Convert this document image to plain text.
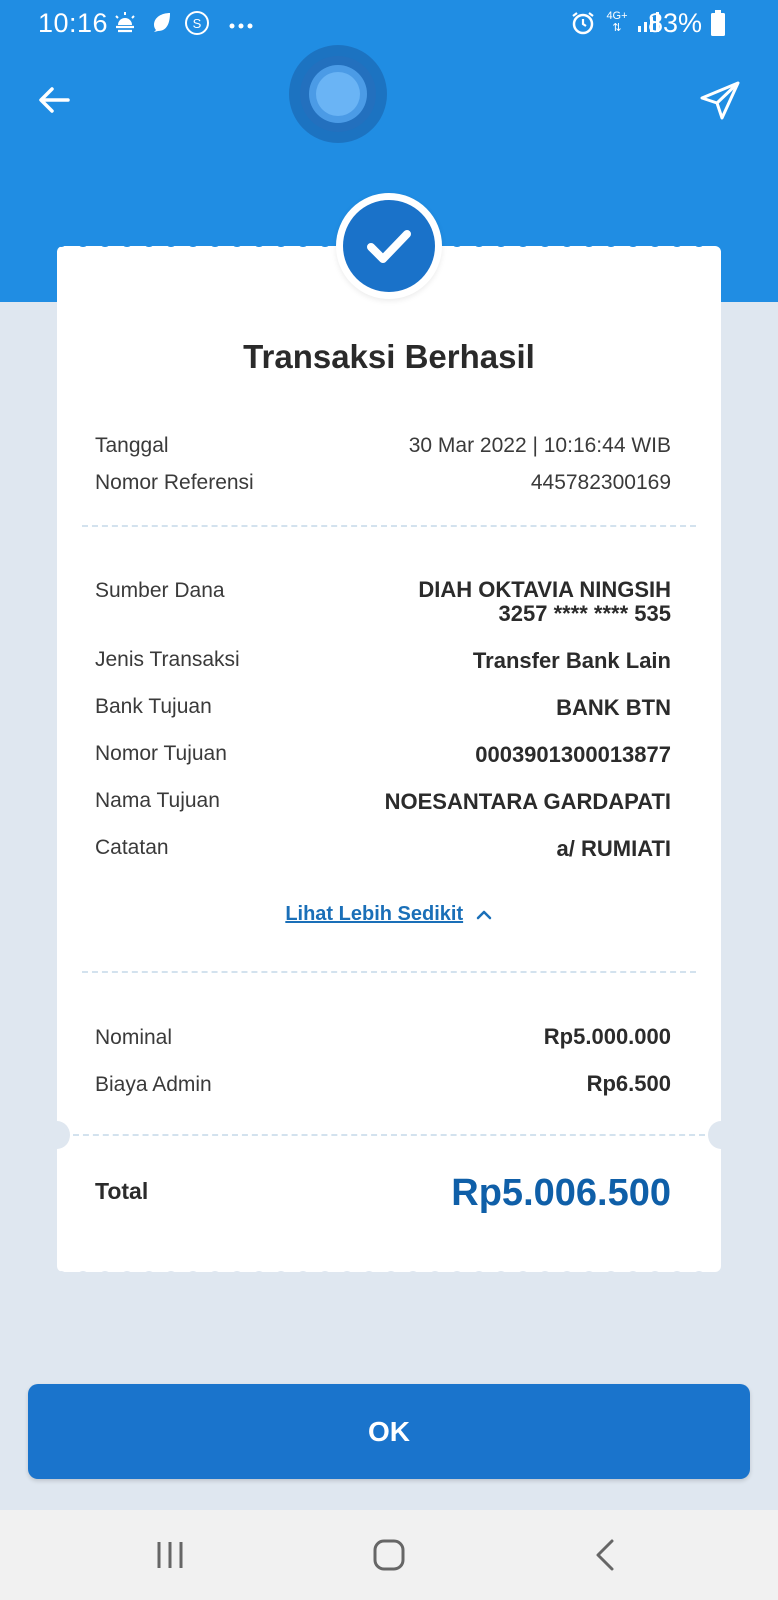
10:16	S	4G+
⇅ 83%
Transaksi Berhasil
Tanggal	30 Mar 2022 | 10:16:44 WIB
Nomor Referensi	445782300169
Sumber Dana	DIAH OKTAVIA NINGSIH
3257 **** **** 535
Jenis Transaksi	Transfer Bank Lain
Bank Tujuan	BANK BTN
Nomor Tujuan	0003901300013877
Nama Tujuan	NOESANTARA GARDAPATI
Catatan	a/ RUMIATI
Lihat Lebih Sedikit
Nominal	Rp5.000.000
Biaya Admin	Rp6.500
Total	Rp5.006.500
OK
